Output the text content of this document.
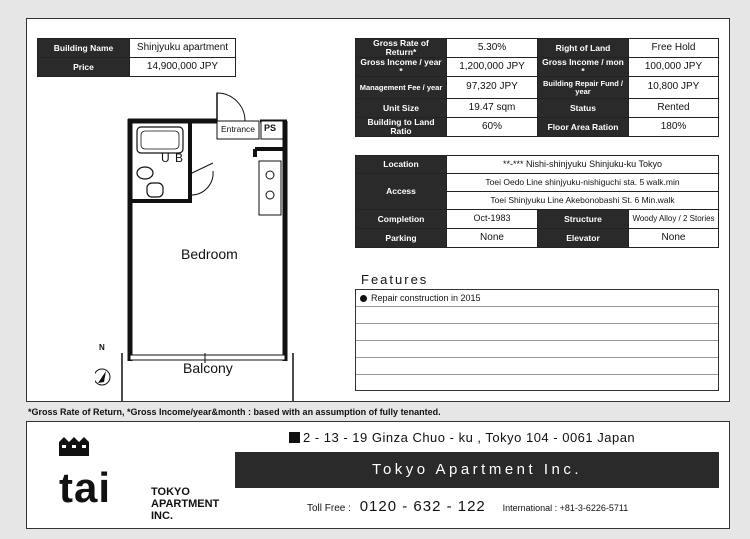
Building Name	Shinjyuku apartment
Price	14,900,000 JPY
Entrance PS
U B
Bedroom
Balcony
N
Gross Rate of Return*	5.30%	Right of Land	Free Hold
Gross Income / year *	1,200,000 JPY	Gross Income / mon *	100,000 JPY
Management Fee / year	97,320 JPY	Building Repair Fund / year	10,800 JPY
Unit Size	19.47 sqm	Status	Rented
Building to Land Ratio	60%	Floor Area Ration	180%
Location	**-*** Nishi-shinjyuku Shinjuku-ku Tokyo		
Access	Toei Oedo Line shinjyuku-nishiguchi sta. 5 walk.min		
	Toei Shinjyuku Line Akebonobashi St. 6 Min.walk		
Completion	Oct-1983	Structure	Woody Alloy / 2 Stories
Parking	None	Elevator	None
Features
Repair construction in 2015
*Gross Rate of Return, *Gross Income/year&month : based with an assumption of fully tenanted.
tai	TOKYO APARTMENT INC.
2 - 13 - 19 Ginza Chuo - ku , Tokyo 104 - 0061 Japan
Tokyo Apartment Inc.
Toll Free : 0120 - 632 - 122 International : +81-3-6226-5711
